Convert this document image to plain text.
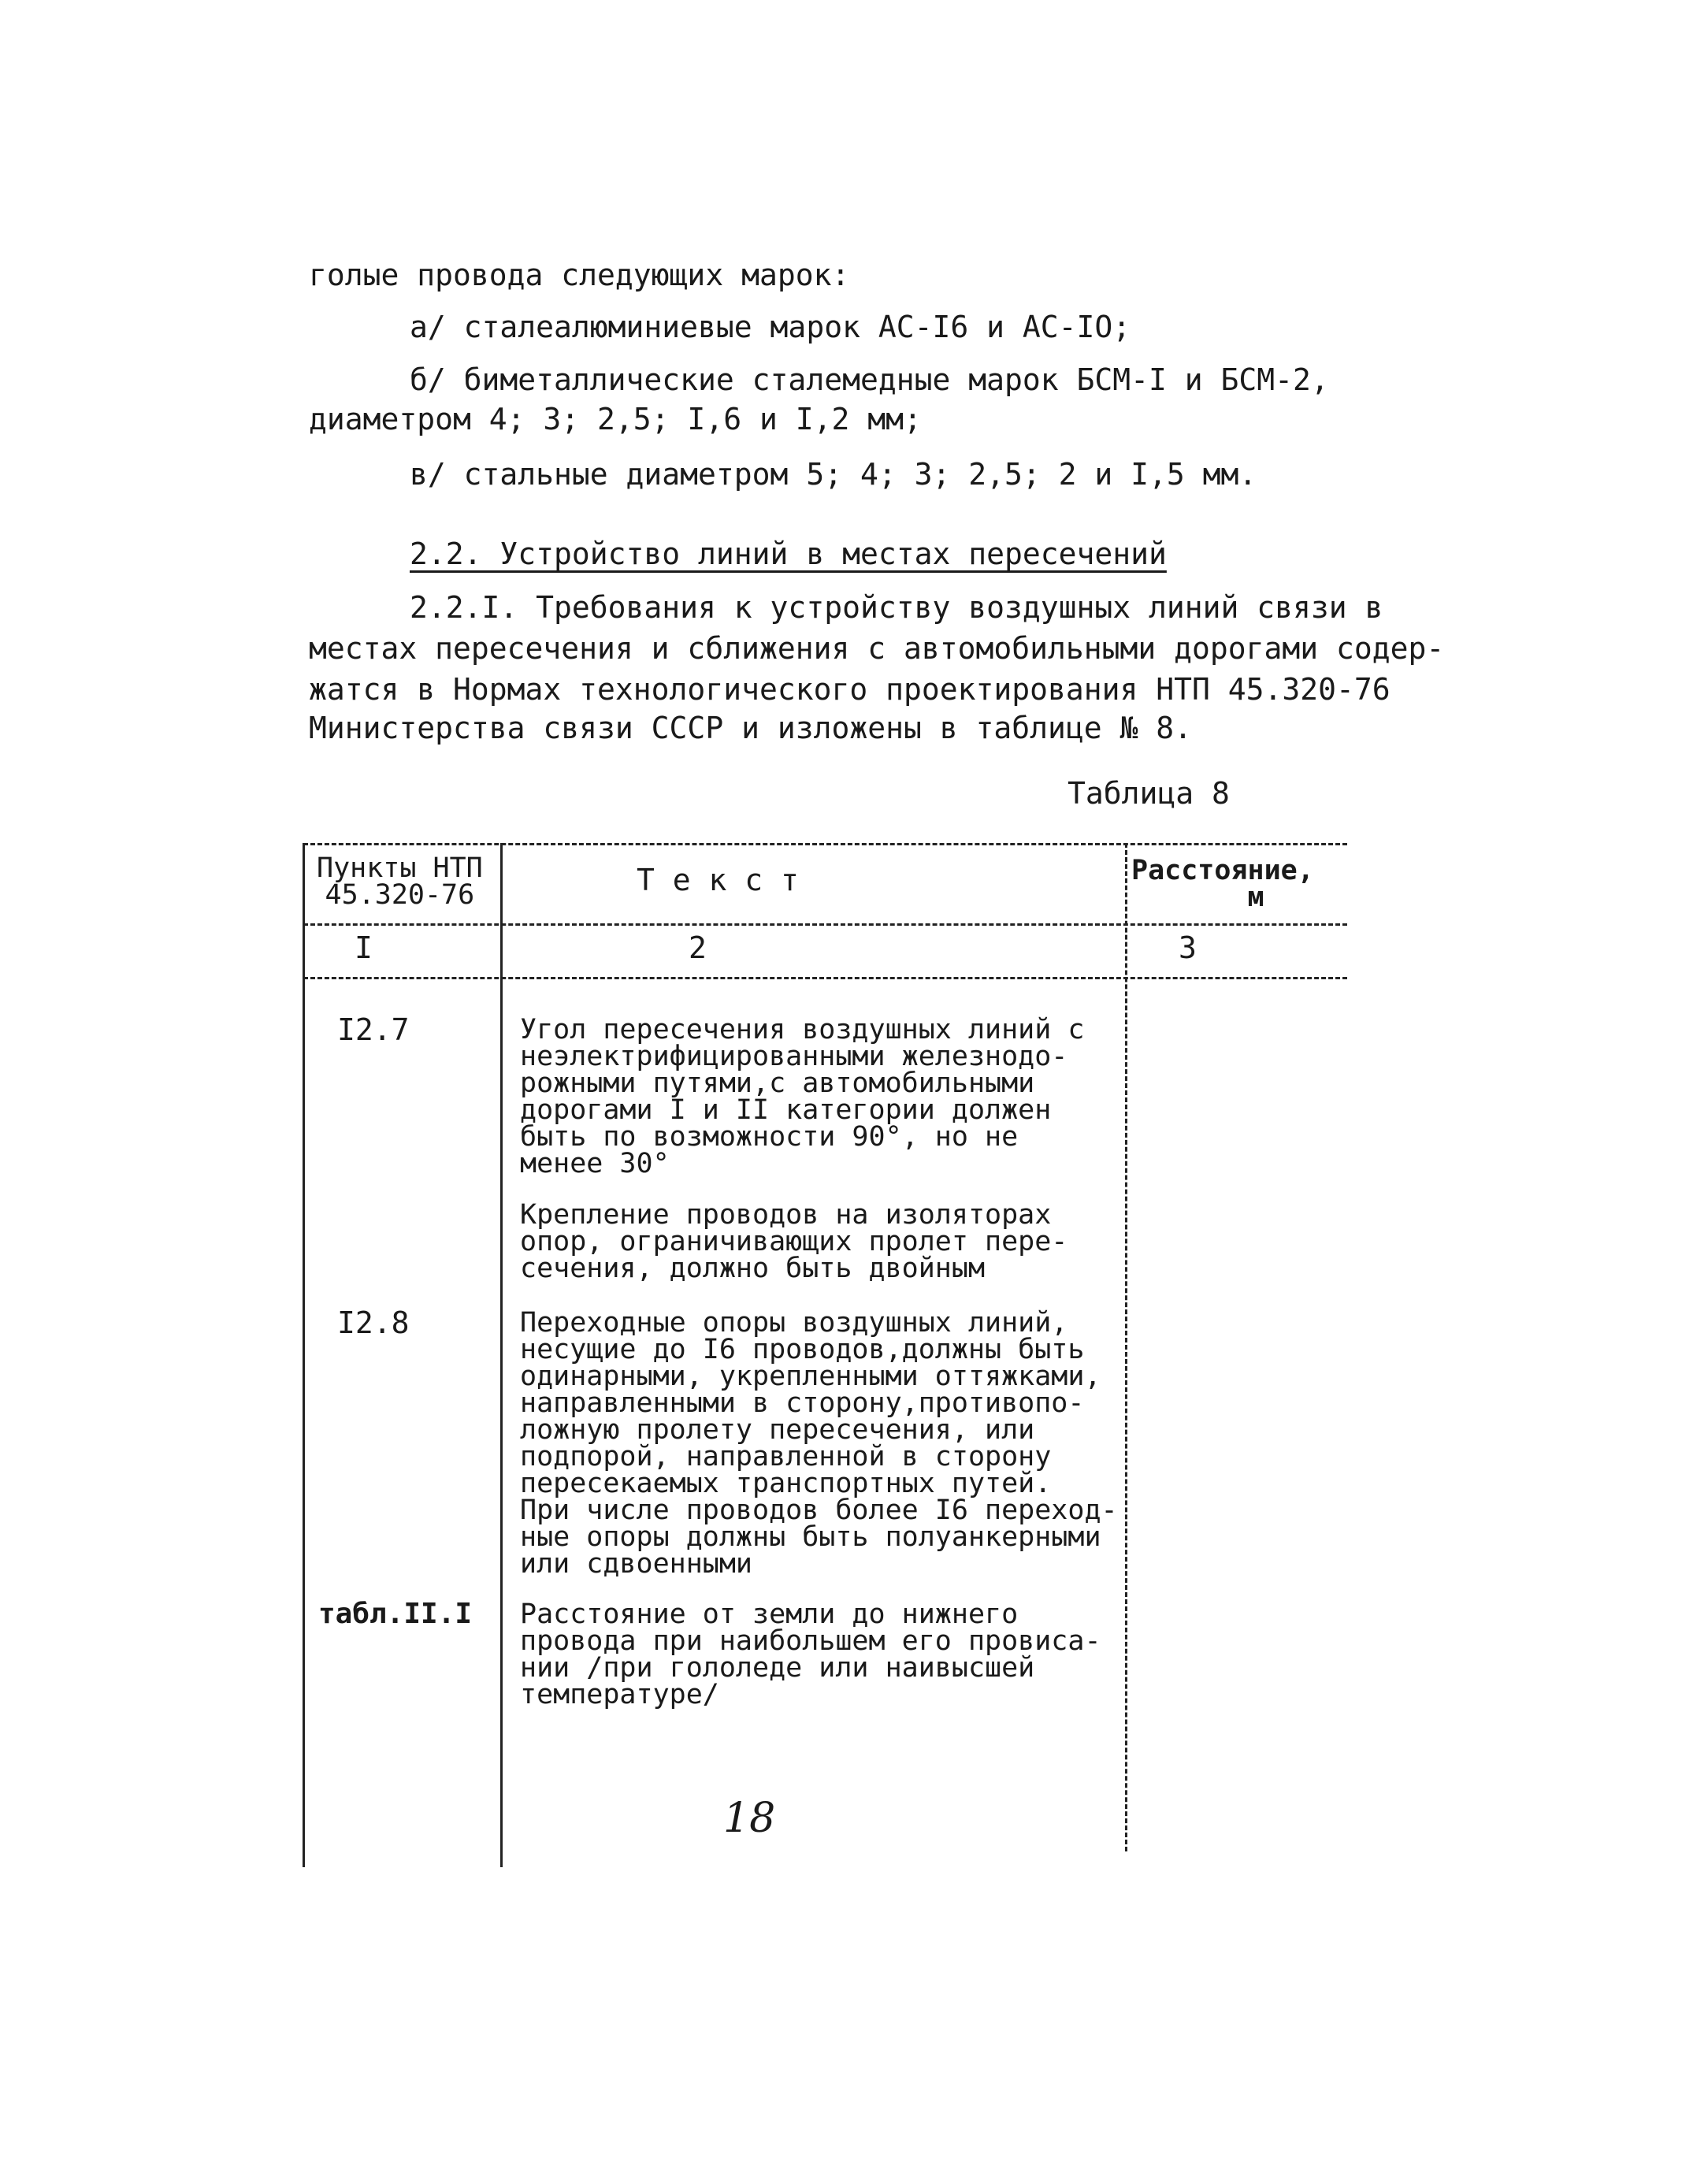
голые провода следующих марок:
а/ сталеалюминиевые марок АС-I6 и АС-IO;
б/ биметаллические сталемедные марок БСМ-I и БСМ-2,
диаметром 4; 3; 2,5; I,6 и I,2 мм;
в/ стальные диаметром 5; 4; 3; 2,5; 2 и I,5 мм.
2.2. Устройство линий в местах пересечений
2.2.I. Требования к устройству воздушных линий связи в
местах пересечения и сближения с автомобильными дорогами содер-
жатся в Нормах технологического проектирования НТП 45.320-76
Министерства связи СССР и изложены в таблице № 8.
Таблица 8
Пункты НТП
45.320-76	Т е к с т	Расстояние,
м
I	2	3
I2.7	Угол пересечения воздушных линий с
неэлектрифицированными железнодо-
рожными путями,с автомобильными
дорогами I и II категории должен
быть по возможности 90°, но не
менее 30°
Крепление проводов на изоляторах
опор, ограничивающих пролет пере-
сечения, должно быть двойным
I2.8	Переходные опоры воздушных линий,
несущие до I6 проводов,должны быть
одинарными, укрепленными оттяжками,
направленными в сторону,противопо-
ложную пролету пересечения, или
подпорой, направленной в сторону
пересекаемых транспортных путей.
При числе проводов более I6 переход-
ные опоры должны быть полуанкерными
или сдвоенными
табл.II.I Расстояние от земли до нижнего
провода при наибольшем его провиса-
нии /при гололеде или наивысшей
температуре/
18
